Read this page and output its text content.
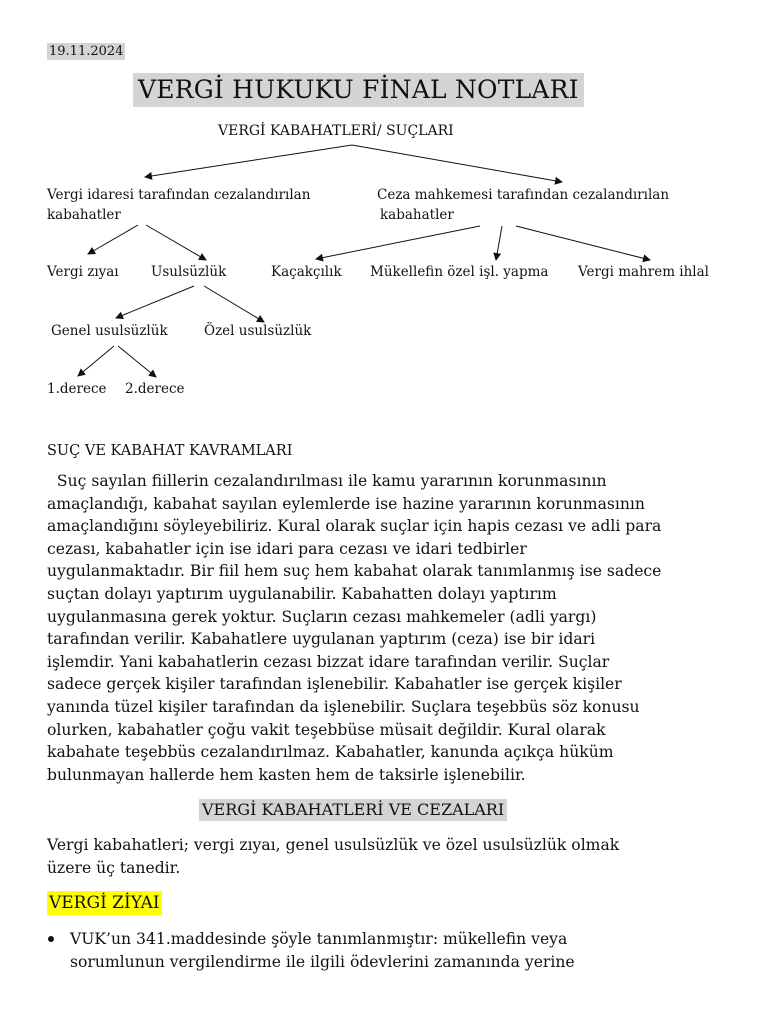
19.11.2024
VERGİ HUKUKU FİNAL NOTLARI
VERGİ KABAHATLERİ/ SUÇLARI
Vergi idaresi tarafından cezalandırılan
kabahatler
Ceza mahkemesi tarafından cezalandırılan
kabahatler
Vergi zıyaı Usulsüzlük	Kaçakçılık Mükellefin özel işl. yapma Vergi mahrem ihlal
Genel usulsüzlük	Özel usulsüzlük
1.derece 2.derece
SUÇ VE KABAHAT KAVRAMLARI
Suç sayılan fiillerin cezalandırılması ile kamu yararının korunmasının
amaçlandığı, kabahat sayılan eylemlerde ise hazine yararının korunmasının
amaçlandığını söyleyebiliriz. Kural olarak suçlar için hapis cezası ve adli para
cezası, kabahatler için ise idari para cezası ve idari tedbirler
uygulanmaktadır. Bir fiil hem suç hem kabahat olarak tanımlanmış ise sadece
suçtan dolayı yaptırım uygulanabilir. Kabahatten dolayı yaptırım
uygulanmasına gerek yoktur. Suçların cezası mahkemeler (adli yargı)
tarafından verilir. Kabahatlere uygulanan yaptırım (ceza) ise bir idari
işlemdir. Yani kabahatlerin cezası bizzat idare tarafından verilir. Suçlar
sadece gerçek kişiler tarafından işlenebilir. Kabahatler ise gerçek kişiler
yanında tüzel kişiler tarafından da işlenebilir. Suçlara teşebbüs söz konusu
olurken, kabahatler çoğu vakit teşebbüse müsait değildir. Kural olarak
kabahate teşebbüs cezalandırılmaz. Kabahatler, kanunda açıkça hüküm
bulunmayan hallerde hem kasten hem de taksirle işlenebilir.
VERGİ KABAHATLERİ VE CEZALARI
Vergi kabahatleri; vergi zıyaı, genel usulsüzlük ve özel usulsüzlük olmak
üzere üç tanedir.
VERGİ ZİYAI
VUK’un 341.maddesinde şöyle tanımlanmıştır: mükellefin veya
sorumlunun vergilendirme ile ilgili ödevlerini zamanında yerine
